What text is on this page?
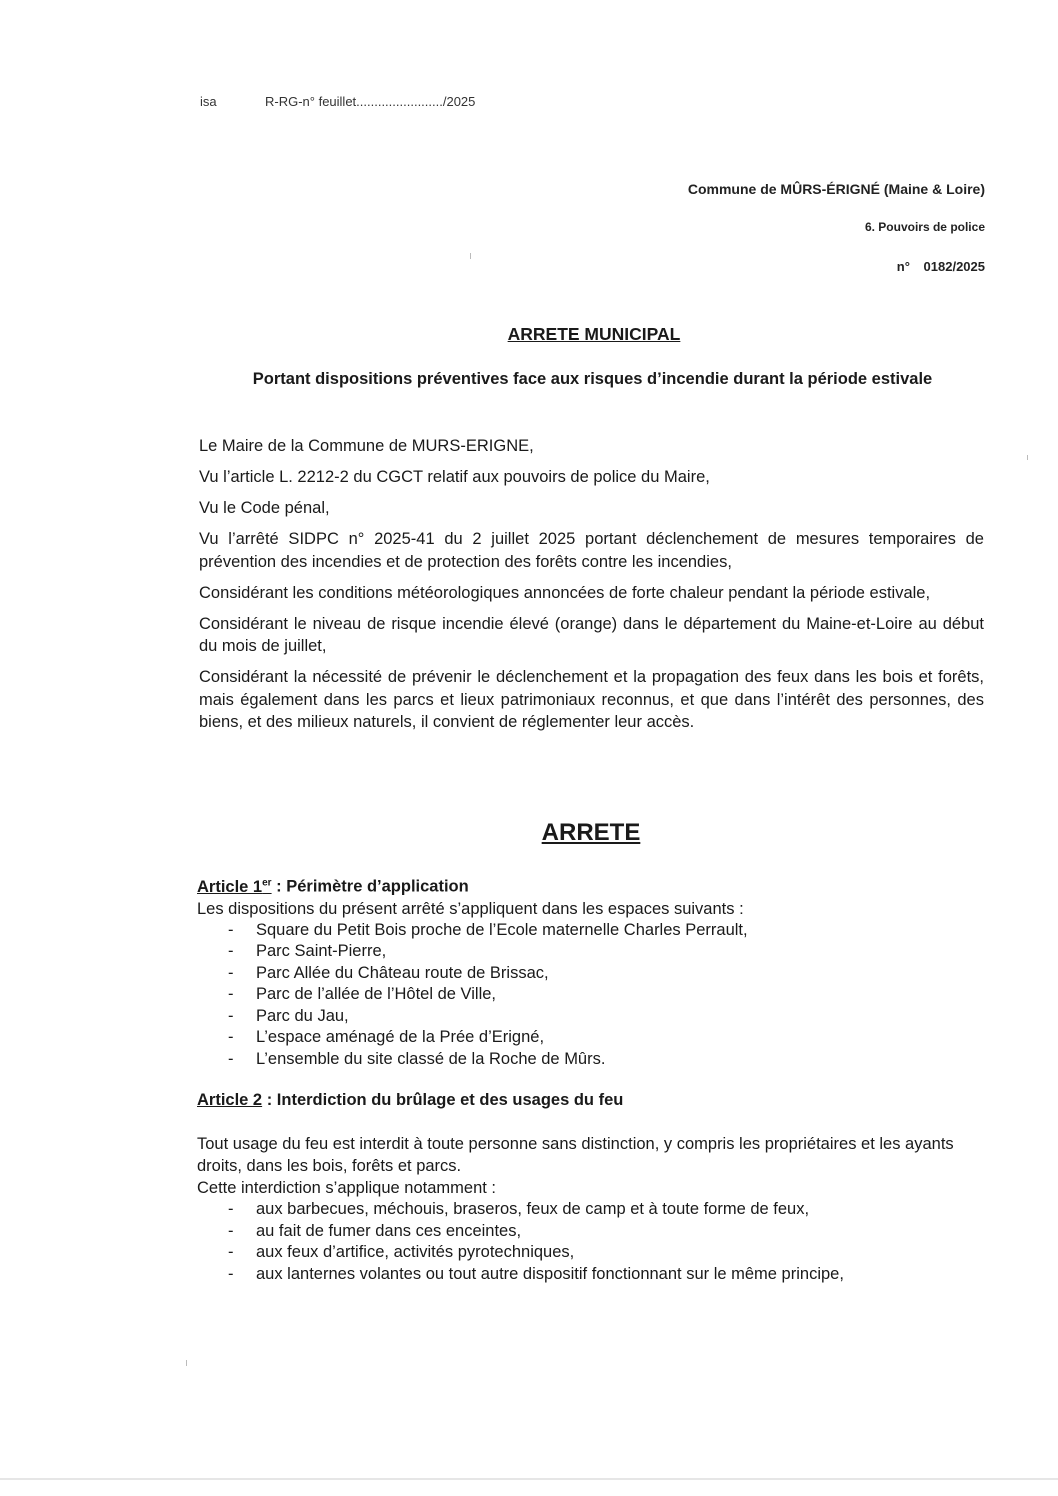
isa	R-RG-n° feuillet......................../2025
Commune de MÛRS-ÉRIGNÉ (Maine & Loire)
6. Pouvoirs de police
n° 0182/2025
ARRETE MUNICIPAL
Portant dispositions préventives face aux risques d’incendie durant la période estivale

Le Maire de la Commune de MURS-ERIGNE,

Vu l’article L. 2212-2 du CGCT relatif aux pouvoirs de police du Maire,

Vu le Code pénal,

Vu l’arrêté SIDPC n° 2025-41 du 2 juillet 2025 portant déclenchement de mesures temporaires de prévention des incendies et de protection des forêts contre les incendies,

Considérant les conditions météorologiques annoncées de forte chaleur pendant la période estivale,

Considérant le niveau de risque incendie élevé (orange) dans le département du Maine-et-Loire au début du mois de juillet,

Considérant la nécessité de prévenir le déclenchement et la propagation des feux dans les bois et forêts, mais également dans les parcs et lieux patrimoniaux reconnus, et que dans l’intérêt des personnes, des biens, et des milieux naturels, il convient de réglementer leur accès.

ARRETE

Article 1er : Périmètre d’application

Les dispositions du présent arrêté s’appliquent dans les espaces suivants :

- Square du Petit Bois proche de l’Ecole maternelle Charles Perrault,
- Parc Saint-Pierre,
- Parc Allée du Château route de Brissac,
- Parc de l’allée de l’Hôtel de Ville,
- Parc du Jau,
- L’espace aménagé de la Prée d’Erigné,
- L’ensemble du site classé de la Roche de Mûrs.

Article 2 : Interdiction du brûlage et des usages du feu

Tout usage du feu est interdit à toute personne sans distinction, y compris les propriétaires et les ayants droits, dans les bois, forêts et parcs.

Cette interdiction s’applique notamment :

- aux barbecues, méchouis, braseros, feux de camp et à toute forme de feux,
- au fait de fumer dans ces enceintes,
- aux feux d’artifice, activités pyrotechniques,
- aux lanternes volantes ou tout autre dispositif fonctionnant sur le même principe,
